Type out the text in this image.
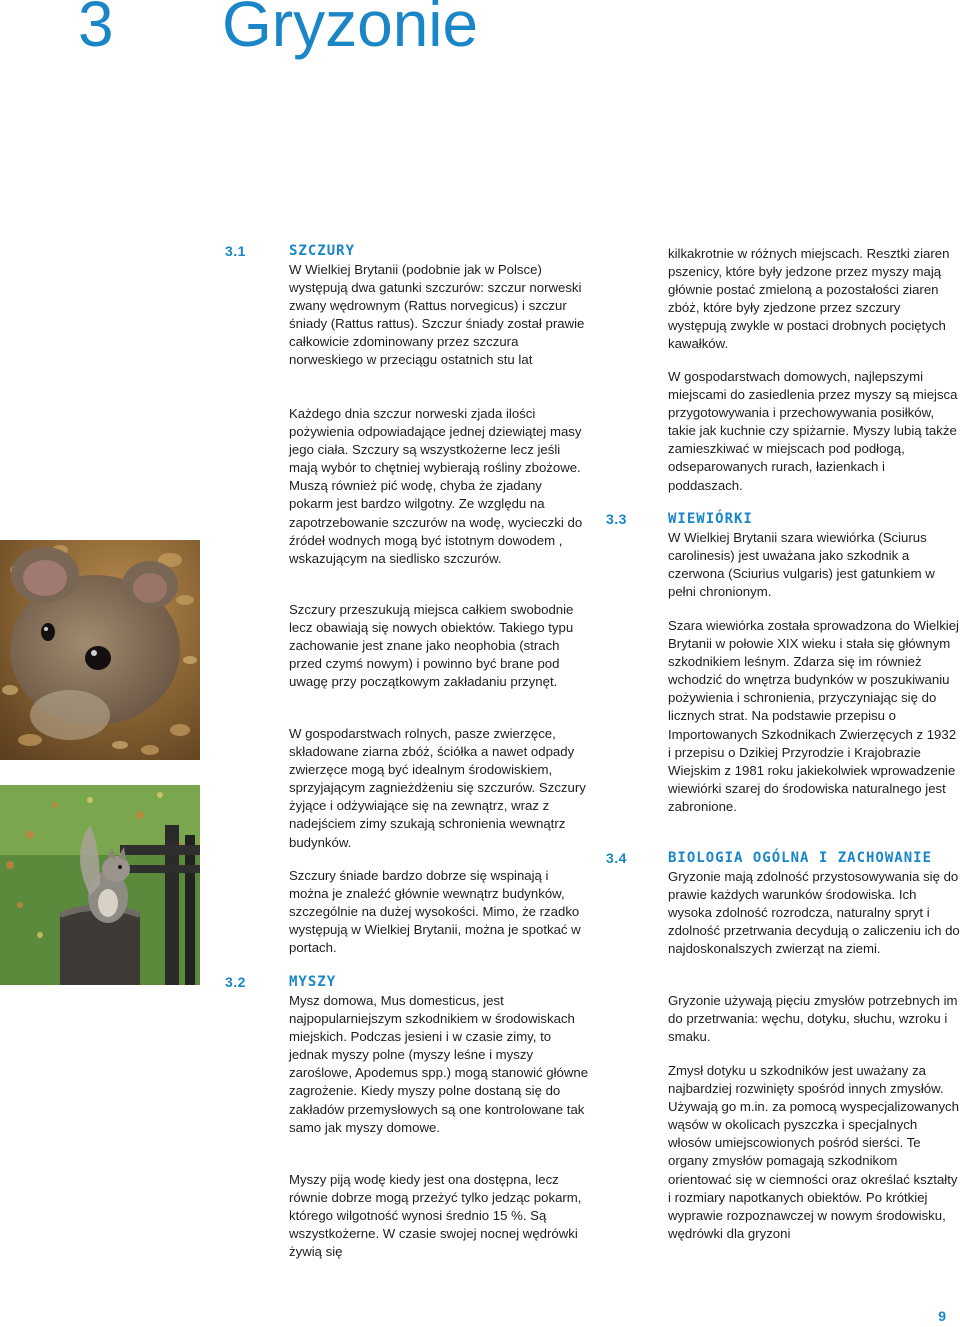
3 Gryzonie
3.1	SZCZURY
3.2	MYSZY
3.3	WIEWIÓRKI
3.4	BIOLOGIA OGÓLNA I ZACHOWANIE

W Wielkiej Brytanii (podobnie jak w Polsce) występują dwa gatunki szczurów: szczur norweski zwany wędrownym (Rattus norvegicus) i szczur śniady (Rattus rattus). Szczur śniady został prawie całkowicie zdominowany przez szczura norweskiego w przeciągu ostatnich stu lat

Każdego dnia szczur norweski zjada ilości pożywienia odpowiadające jednej dziewiątej masy jego ciała. Szczury są wszystkożerne lecz jeśli mają wybór to chętniej wybierają rośliny zbożowe. Muszą również pić wodę, chyba że zjadany pokarm jest bardzo wilgotny. Ze względu na zapotrzebowanie szczurów na wodę, wycieczki do źródeł wodnych mogą być istotnym dowodem , wskazującym na siedlisko szczurów.

Szczury przeszukują miejsca całkiem swobodnie lecz obawiają się nowych obiektów. Takiego typu zachowanie jest znane jako neophobia (strach przed czymś nowym) i powinno być brane pod uwagę przy początkowym zakładaniu przynęt.

W gospodarstwach rolnych, pasze zwierzęce, składowane ziarna zbóż, ściółka a nawet odpady zwierzęce mogą być idealnym środowiskiem, sprzyjającym zagnieżdżeniu się szczurów. Szczury żyjące i odżywiające się na zewnątrz, wraz z nadejściem zimy szukają schronienia wewnątrz budynków.

Szczury śniade bardzo dobrze się wspinają i można je znaleźć głównie wewnątrz budynków, szczególnie na dużej wysokości. Mimo, że rzadko występują w Wielkiej Brytanii, można je spotkać w portach.

Mysz domowa, Mus domesticus, jest najpopularniejszym szkodnikiem w środowiskach miejskich. Podczas jesieni i w czasie zimy, to jednak myszy polne (myszy leśne i myszy zaroślowe, Apodemus spp.) mogą stanowić główne zagrożenie. Kiedy myszy polne dostaną się do zakładów przemysłowych są one kontrolowane tak samo jak myszy domowe.

Myszy piją wodę kiedy jest ona dostępna, lecz równie dobrze mogą przeżyć tylko jedząc pokarm, którego wilgotność wynosi średnio 15 %. Są wszystkożerne. W czasie swojej nocnej wędrówki żywią się

kilkakrotnie w różnych miejscach. Resztki ziaren pszenicy, które były jedzone przez myszy mają głównie postać zmieloną a pozostałości ziaren zbóż, które były zjedzone przez szczury występują zwykle w postaci drobnych pociętych kawałków.

W gospodarstwach domowych, najlepszymi miejscami do zasiedlenia przez myszy są miejsca przygotowywania i przechowywania posiłków, takie jak kuchnie czy spiżarnie. Myszy lubią także zamieszkiwać w miejscach pod podłogą, odseparowanych rurach, łazienkach i poddaszach.

W Wielkiej Brytanii szara wiewiórka (Sciurus carolinesis) jest uważana jako szkodnik a czerwona (Sciurius vulgaris) jest gatunkiem w pełni chronionym.

Szara wiewiórka została sprowadzona do Wielkiej Brytanii w połowie XIX wieku i stała się głównym szkodnikiem leśnym. Zdarza się im również wchodzić do wnętrza budynków w poszukiwaniu pożywienia i schronienia, przyczyniając się do licznych strat. Na podstawie przepisu o Importowanych Szkodnikach Zwierzęcych z 1932 i przepisu o Dzikiej Przyrodzie i Krajobrazie Wiejskim z 1981 roku jakiekolwiek wprowadzenie wiewiórki szarej do środowiska naturalnego jest zabronione.

Gryzonie mają zdolność przystosowywania się do prawie każdych warunków środowiska. Ich wysoka zdolność rozrodcza, naturalny spryt i zdolność przetrwania decydują o zaliczeniu ich do najdoskonalszych zwierząt na ziemi.

Gryzonie używają pięciu zmysłów potrzebnych im do przetrwania: węchu, dotyku, słuchu, wzroku i smaku.

Zmysł dotyku u szkodników jest uważany za najbardziej rozwinięty spośród innych zmysłów. Używają go m.in. za pomocą wyspecjalizowanych wąsów w okolicach pyszczka i specjalnych włosów umiejscowionych pośród sierści. Te organy zmysłów pomagają szkodnikom orientować się w ciemności oraz określać kształty i rozmiary napotkanych obiektów. Po krótkiej wyprawie rozpoznawczej w nowym środowisku, wędrówki dla gryzoni

9
